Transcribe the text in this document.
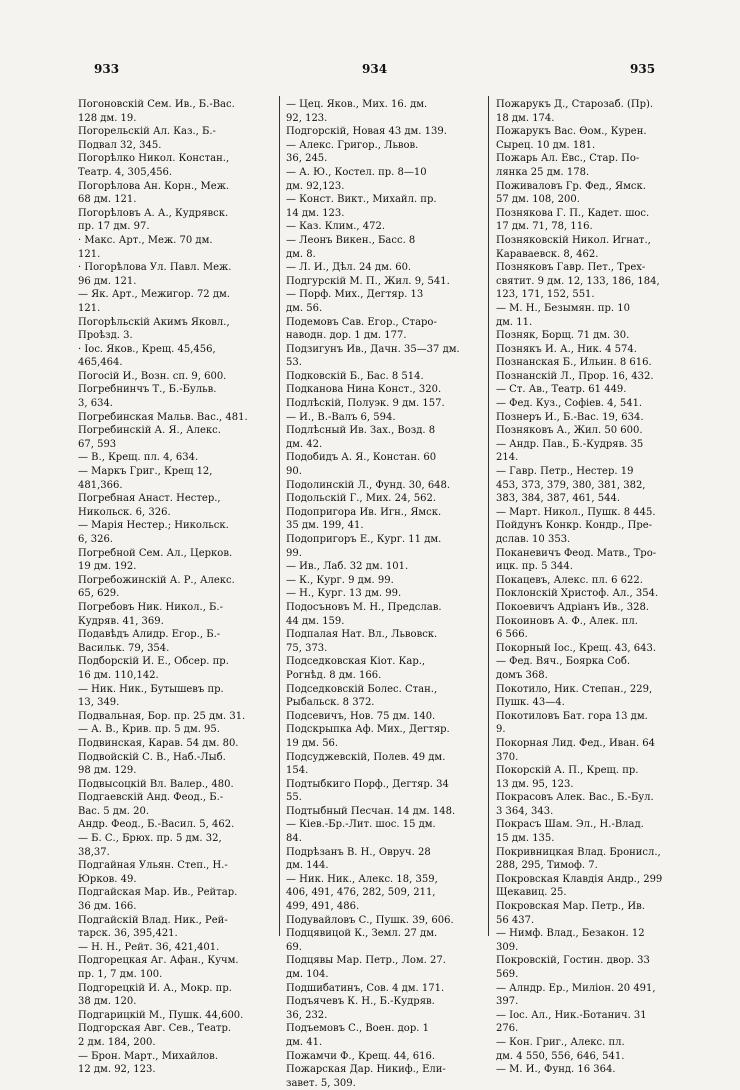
933	934	935
Погоновскій Сем. Ив., Б.-Вас.
128 дм. 19.
Погорельскій Ал. Каз., Б.-
Подвал 32, 345.
Погорѣлко Никол. Констан.,
Театр. 4, 305,456.
Погорѣлова Ан. Корн., Меж.
68 дм. 121.
Погорѣловъ А. А., Кудрявск.
пр. 17 дм. 97.
· Макс. Арт., Меж. 70 дм.
121.
· Погорѣлова Ул. Павл. Меж.
96 дм. 121.
— Як. Арт., Межигор. 72 дм.
121.
Погорѣльскій Акимъ Яковл.,
Проѣзд. 3.
· Іос. Яков., Крещ. 45,456,
465,464.
Погосій И., Возн. сп. 9, 600.
Погребнинчъ Т., Б.-Бульв.
3, 634.
Погребинская Мальв. Вас., 481.
Погребинскій А. Я., Алекс.
67, 593
— В., Крещ. пл. 4, 634.
— Маркъ Григ., Крещ 12,
481,366.
Погребная Анаст. Нестер.,
Никольск. 6, 326.
— Марія Нестер.; Никольск.
6, 326.
Погребной Сем. Ал., Церков.
19 дм. 192.
Погребожинскій А. Р., Алекс.
65, 629.
Погребовъ Ник. Никол., Б.-
Кудряв. 41, 369.
Подавѣдъ Алидр. Егор., Б.-
Васильк. 79, 354.
Подборскій И. Е., Обсер. пр.
16 дм. 110,142.
— Ник. Ник., Бутышевъ пр.
13, 349.
Подвальная, Бор. пр. 25 дм. 31.
— А. В., Крив. пр. 5 дм. 95.
Подвинская, Карав. 54 дм. 80.
Подвойскій С. В., Наб.-Лыб.
98 дм. 129.
Подвысоцкій Вл. Валер., 480.
Подгаевскій Анд. Феод., Б.-
Вас. 5 дм. 20.
Андр. Феод., Б.-Васил. 5, 462.
— Б. С., Брюх. пр. 5 дм. 32,
38,37.
Подгайная Ульян. Степ., Н.-
Юрков. 49.
Подгайская Мар. Ив., Рейтар.
36 дм. 166.
Подгайскій Влад. Ник., Рей-
тарск. 36, 395,421.
— Н. Н., Рейт. 36, 421,401.
Подгорецкая Аг. Афан., Кучм.
пр. 1, 7 дм. 100.
Подгорецкій И. А., Мокр. пр.
38 дм. 120.
Подгарицкій М., Пушк. 44,600.
Подгорская Авг. Сев., Театр.
2 дм. 184, 200.
— Брон. Март., Михайлов.
12 дм. 92, 123.
— Цец. Яков., Мих. 16. дм.
92, 123.
Подгорскій, Новая 43 дм. 139.
— Алекс. Григор., Львов.
36, 245.
— А. Ю., Костел. пр. 8—10
дм. 92,123.
— Конст. Викт., Михайл. пр.
14 дм. 123.
— Каз. Клим., 472.
— Леонъ Викен., Басс. 8
дм. 8.
— Л. И., Дѣл. 24 дм. 60.
Подгурскій М. П., Жил. 9, 541.
— Порф. Мих., Дегтяр. 13
дм. 56.
Подемовъ Сав. Егор., Старо-
наводн. дор. 1 дм. 177.
Подзигунъ Ив., Дачн. 35—37 дм.
53.
Подковскій Б., Бас. 8 514.
Подканова Нина Конст., 320.
Подлѣскій, Полуэк. 9 дм. 157.
— И., В.-Валъ 6, 594.
Подлѣсный Ив. Зах., Возд. 8
дм. 42.
Подобидъ А. Я., Констан. 60
90.
Подолинскій Л., Фунд. 30, 648.
Подольскій Г., Мих. 24, 562.
Подопригора Ив. Игн., Ямск.
35 дм. 199, 41.
Подопригоръ Е., Кург. 11 дм.
99.
— Ив., Лаб. 32 дм. 101.
— К., Кург. 9 дм. 99.
— Н., Кург. 13 дм. 99.
Подосъновъ М. Н., Предслав.
44 дм. 159.
Подпалая Нат. Вл., Львовск.
75, 373.
Подседковская Кіот. Кар.,
Рогнѣд. 8 дм. 166.
Подседковскій Болес. Стан.,
Рыбальск. 8 372.
Подсевичъ, Нов. 75 дм. 140.
Подскрыпка Аф. Мих., Дегтяр.
19 дм. 56.
Подсуджевскій, Полев. 49 дм.
154.
Подтыбкиго Порф., Дегтяр. 34
55.
Подтыбный Песчан. 14 дм. 148.
— Кіев.-Бр.-Лит. шос. 15 дм.
84.
Подрѣзанъ В. Н., Овруч. 28
дм. 144.
— Ник. Ник., Алекс. 18, 359,
406, 491, 476, 282, 509, 211,
499, 491, 486.
Подувайловъ С., Пушк. 39, 606.
Подцявицой К., Земл. 27 дм.
69.
Подцявы Мар. Петр., Лом. 27.
дм. 104.
Подшибатинъ, Сов. 4 дм. 171.
Подъячевъ К. Н., Б.-Кудряв.
36, 232.
Подъемовъ С., Воен. дор. 1
дм. 41.
Пожамчи Ф., Крещ. 44, 616.
Пожарская Дар. Никиф., Ели-
завет. 5, 309.
Пожарукъ Д., Старозаб. (Пр).
18 дм. 174.
Пожарукъ Вас. Ѳом., Курен.
Сырец. 10 дм. 181.
Пожарь Ал. Евс., Стар. По-
лянка 25 дм. 178.
Поживаловъ Гр. Фед., Ямск.
57 дм. 108, 200.
Познякова Г. П., Кадет. шос.
17 дм. 71, 78, 116.
Позняковскій Никол. Игнат.,
Каравaевск. 8, 462.
Позняковъ Гавр. Пет., Трех-
святит. 9 дм. 12, 133, 186, 184,
123, 171, 152, 551.
— М. Н., Безымян. пр. 10
дм. 11.
Позняк, Борщ. 71 дм. 30.
Познякъ И. А., Ник. 4 574.
Познанская Б., Ильин. 8 616.
Познанскій Л., Прор. 16, 432.
— Ст. Ав., Театр. 61 449.
— Фед. Куз., Софіев. 4, 541.
Познеръ И., Б.-Вас. 19, 634.
Позняковъ А., Жил. 50 600.
— Андр. Пав., Б.-Кудряв. 35
214.
— Гавр. Петр., Нестер. 19
453, 373, 379, 380, 381, 382,
383, 384, 387, 461, 544.
— Март. Никол., Пушк. 8 445.
Пойдунъ Конкр. Кондр., Пре-
дслав. 10 353.
Поканевичъ Феод. Матв., Тро-
ицк. пр. 5 344.
Покацевъ, Алекс. пл. 6 622.
Поклонскій Христоф. Ал., 354.
Покоевичъ Адріанъ Ив., 328.
Покоиновъ А. Ф., Алек. пл.
6 566.
Покорный Іос., Крещ. 43, 643.
— Фед. Вяч., Боярка Соб.
домъ 368.
Покотило, Ник. Степан., 229,
Пушк. 43—4.
Покотиловъ Бат. гора 13 дм.
9.
Покорная Лид. Фед., Иван. 64
370.
Покорскій А. П., Крещ. пр.
13 дм. 95, 123.
Покрасовъ Алек. Вас., Б.-Бул.
3 364, 343.
Покрасъ Шам. Эл., Н.-Влад.
15 дм. 135.
Покривницкая Влад. Бронисл.,
288, 295, Тимоф. 7.
Покровская Клавдія Андр., 299
Щекавиц. 25.
Покровская Мар. Петр., Ив.
56 437.
— Нимф. Влад., Безакон. 12
309.
Покровскій, Гостин. двор. 33
569.
— Алндр. Ер., Миліон. 20 491,
397.
— Іос. Ал., Ник.-Ботанич. 31
276.
— Кон. Григ., Алекс. пл.
дм. 4 550, 556, 646, 541.
— М. И., Фунд. 16 364.
